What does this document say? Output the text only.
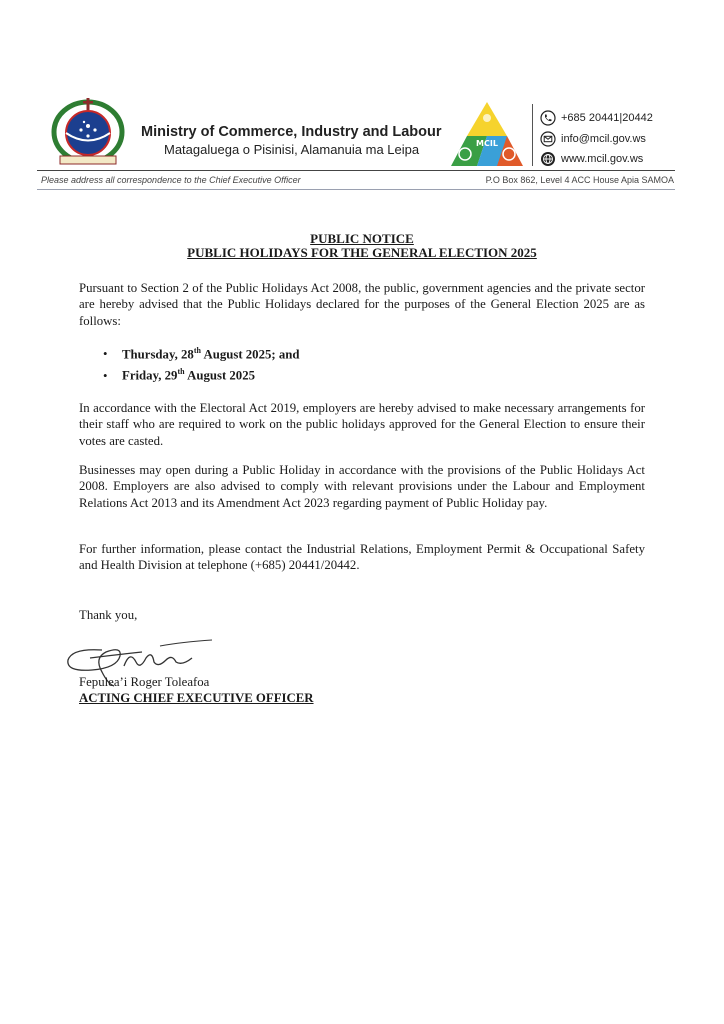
Ministry of Commerce, Industry and Labour
Matagaluega o Pisinisi, Alamanuia ma Leipa	MCIL
+685 20441|20442
info@mcil.gov.ws
www.mcil.gov.ws
Please address all correspondence to the Chief Executive Officer	P.O Box 862, Level 4 ACC House Apia SAMOA
PUBLIC NOTICE
PUBLIC HOLIDAYS FOR THE GENERAL ELECTION 2025
Pursuant to Section 2 of the Public Holidays Act 2008, the public, government agencies and the private sector are hereby advised that the Public Holidays declared for the purposes of the General Election 2025 are as follows:
•	Thursday, 28th August 2025; and
•	Friday, 29th August 2025
In accordance with the Electoral Act 2019, employers are hereby advised to make necessary arrangements for their staff who are required to work on the public holidays approved for the General Election to ensure their votes are casted.
Businesses may open during a Public Holiday in accordance with the provisions of the Public Holidays Act 2008. Employers are also advised to comply with relevant provisions under the Labour and Employment Relations Act 2013 and its Amendment Act 2023 regarding payment of Public Holiday pay.
For further information, please contact the Industrial Relations, Employment Permit & Occupational Safety and Health Division at telephone (+685) 20441/20442.
Thank you,
Fepulea’i Roger Toleafoa
ACTING CHIEF EXECUTIVE OFFICER
